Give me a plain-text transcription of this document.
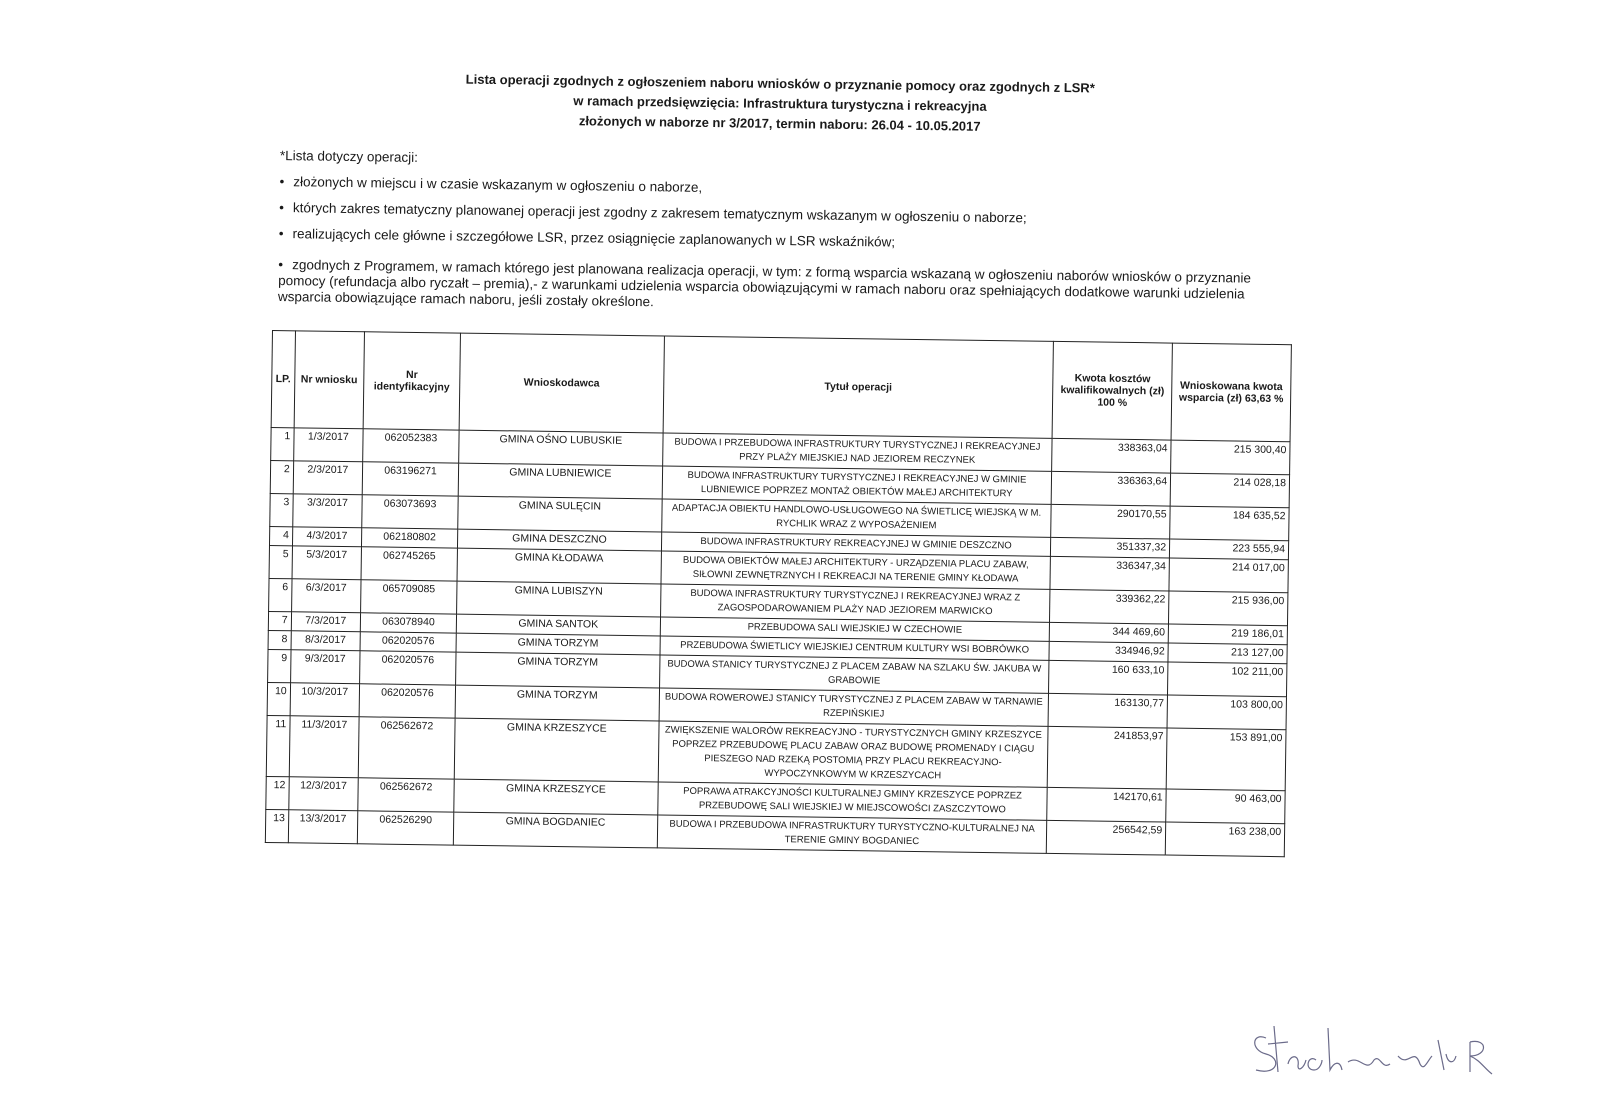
Lista operacji zgodnych z ogłoszeniem naboru wniosków o przyznanie pomocy oraz zgodnych z LSR*
w ramach przedsięwzięcia: Infrastruktura turystyczna i rekreacyjna
złożonych w naborze nr 3/2017, termin naboru: 26.04 - 10.05.2017
*Lista dotyczy operacji:
• złożonych w miejscu i w czasie wskazanym w ogłoszeniu o naborze,
• których zakres tematyczny planowanej operacji jest zgodny z zakresem tematycznym wskazanym w ogłoszeniu o naborze;
• realizujących cele główne i szczegółowe LSR, przez osiągnięcie zaplanowanych w LSR wskaźników;
• zgodnych z Programem, w ramach którego jest planowana realizacja operacji, w tym: z formą wsparcia wskazaną w ogłoszeniu naborów wniosków o przyznanie pomocy (refundacja albo ryczałt – premia),- z warunkami udzielenia wsparcia obowiązującymi w ramach naboru oraz spełniających dodatkowe warunki udzielenia wsparcia obowiązujące ramach naboru, jeśli zostały określone.
LP.	Nr wniosku	Nr identyfikacyjny	Wnioskodawca	Tytuł operacji	Kwota kosztów kwalifikowalnych (zł) 100 %	Wnioskowana kwota wsparcia (zł) 63,63 %
1	1/3/2017	062052383	GMINA OŚNO LUBUSKIE	BUDOWA I PRZEBUDOWA INFRASTRUKTURY TURYSTYCZNEJ I REKREACYJNEJ PRZY PLAŻY MIEJSKIEJ NAD JEZIOREM RECZYNEK	338363,04	215 300,40
2	2/3/2017	063196271	GMINA LUBNIEWICE	BUDOWA INFRASTRUKTURY TURYSTYCZNEJ I REKREACYJNEJ W GMINIE LUBNIEWICE POPRZEZ MONTAŻ OBIEKTÓW MAŁEJ ARCHITEKTURY	336363,64	214 028,18
3	3/3/2017	063073693	GMINA SULĘCIN	ADAPTACJA OBIEKTU HANDLOWO-USŁUGOWEGO NA ŚWIETLICĘ WIEJSKĄ W M. RYCHLIK WRAZ Z WYPOSAŻENIEM	290170,55	184 635,52
4	4/3/2017	062180802	GMINA DESZCZNO	BUDOWA INFRASTRUKTURY REKREACYJNEJ W GMINIE DESZCZNO	351337,32	223 555,94
5	5/3/2017	062745265	GMINA KŁODAWA	BUDOWA OBIEKTÓW MAŁEJ ARCHITEKTURY - URZĄDZENIA PLACU ZABAW, SIŁOWNI ZEWNĘTRZNYCH I REKREACJI NA TERENIE GMINY KŁODAWA	336347,34	214 017,00
6	6/3/2017	065709085	GMINA LUBISZYN	BUDOWA INFRASTRUKTURY TURYSTYCZNEJ I REKREACYJNEJ WRAZ Z ZAGOSPODAROWANIEM PLAŻY NAD JEZIOREM MARWICKO	339362,22	215 936,00
7	7/3/2017	063078940	GMINA SANTOK	PRZEBUDOWA SALI WIEJSKIEJ W CZECHOWIE	344 469,60	219 186,01
8	8/3/2017	062020576	GMINA TORZYM	PRZEBUDOWA ŚWIETLICY WIEJSKIEJ CENTRUM KULTURY WSI BOBRÓWKO	334946,92	213 127,00
9	9/3/2017	062020576	GMINA TORZYM	BUDOWA STANICY TURYSTYCZNEJ Z PLACEM ZABAW NA SZLAKU ŚW. JAKUBA W GRABOWIE	160 633,10	102 211,00
10	10/3/2017	062020576	GMINA TORZYM	BUDOWA ROWEROWEJ STANICY TURYSTYCZNEJ Z PLACEM ZABAW W TARNAWIE RZEPIŃSKIEJ	163130,77	103 800,00
11	11/3/2017	062562672	GMINA KRZESZYCE	ZWIĘKSZENIE WALORÓW REKREACYJNO - TURYSTYCZNYCH GMINY KRZESZYCE POPRZEZ PRZEBUDOWĘ PLACU ZABAW ORAZ BUDOWĘ PROMENADY I CIĄGU PIESZEGO NAD RZEKĄ POSTOMIĄ PRZY PLACU REKREACYJNO-WYPOCZYNKOWYM W KRZESZYCACH	241853,97	153 891,00
12	12/3/2017	062562672	GMINA KRZESZYCE	POPRAWA ATRAKCYJNOŚCI KULTURALNEJ GMINY KRZESZYCE POPRZEZ PRZEBUDOWĘ SALI WIEJSKIEJ W MIEJSCOWOŚCI ZASZCZYTOWO	142170,61	90 463,00
13	13/3/2017	062526290	GMINA BOGDANIEC	BUDOWA I PRZEBUDOWA INFRASTRUKTURY TURYSTYCZNO-KULTURALNEJ NA TERENIE GMINY BOGDANIEC	256542,59	163 238,00
